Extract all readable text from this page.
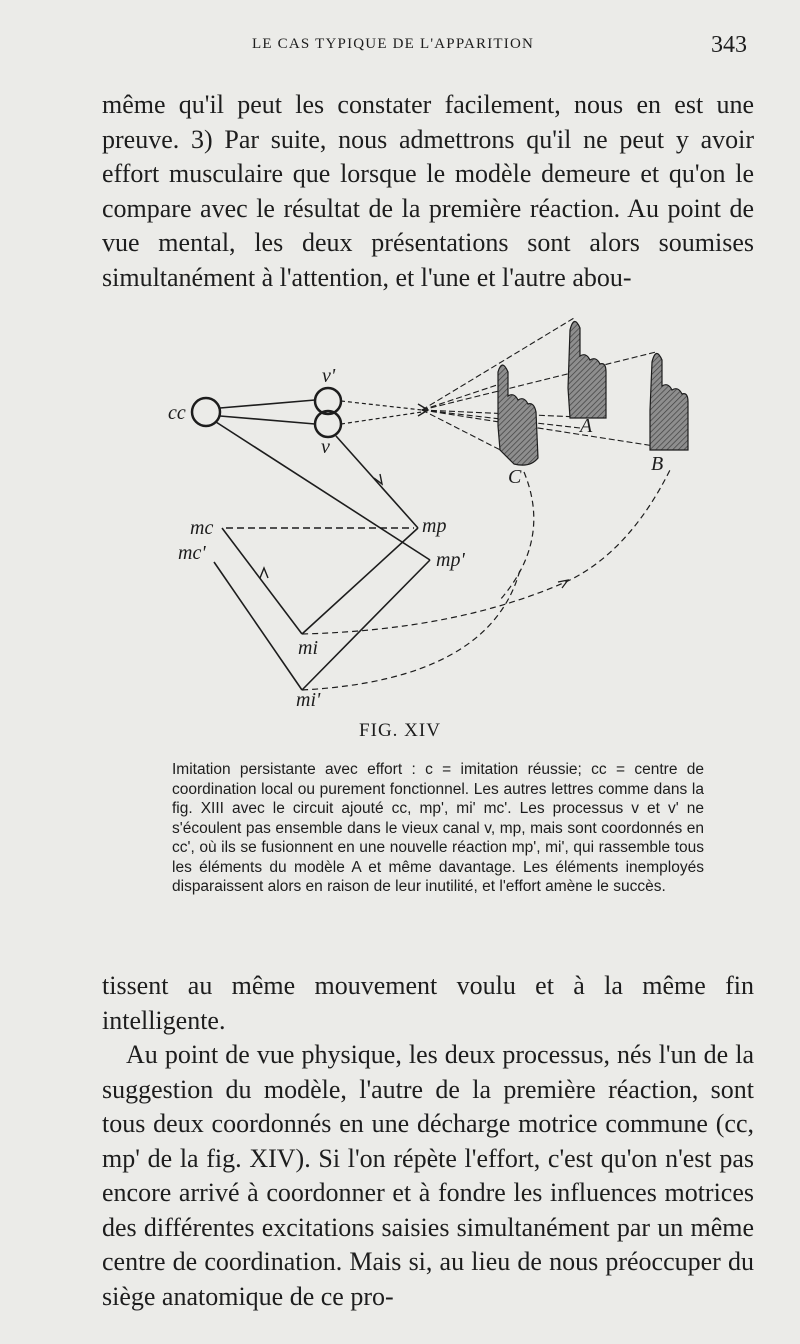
LE CAS TYPIQUE DE L'APPARITION	343

même qu'il peut les constater facilement, nous en est une preuve. 3) Par suite, nous admettrons qu'il ne peut y avoir effort musculaire que lorsque le modèle demeure et qu'on le compare avec le résultat de la première réaction. Au point de vue mental, les deux présentations sont alors soumises simultanément à l'attention, et l'une et l'autre abou-

cc
v'
v
mc
mc'
mp
mp'
mi
mi'
A
B
C
FIG. XIV
Imitation persistante avec effort : c = imitation réussie; cc = centre de coordination local ou purement fonctionnel. Les autres lettres comme dans la fig. XIII avec le circuit ajouté cc, mp', mi' mc'. Les processus v et v' ne s'écoulent pas ensemble dans le vieux canal v, mp, mais sont coordonnés en cc', où ils se fusionnent en une nouvelle réaction mp', mi', qui rassemble tous les éléments du modèle A et même davantage. Les éléments inemployés disparaissent alors en raison de leur inutilité, et l'effort amène le succès.

tissent au même mouvement voulu et à la même fin intelligente.

Au point de vue physique, les deux processus, nés l'un de la suggestion du modèle, l'autre de la première réaction, sont tous deux coordonnés en une décharge motrice commune (cc, mp' de la fig. XIV). Si l'on répète l'effort, c'est qu'on n'est pas encore arrivé à coordonner et à fondre les influences motrices des différentes excitations saisies simultanément par un même centre de coordination. Mais si, au lieu de nous préoccuper du siège anatomique de ce pro-
